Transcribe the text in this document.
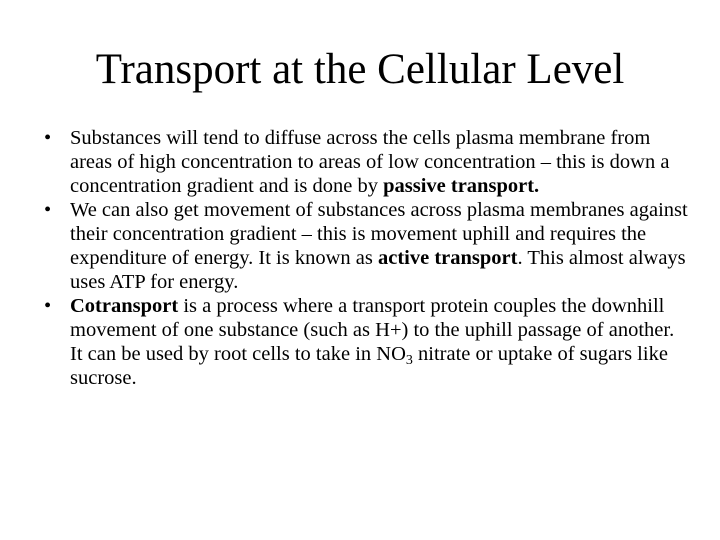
Transport at the Cellular Level
• Substances will tend to diffuse across the cells plasma membrane from areas of high concentration to areas of low concentration – this is down a concentration gradient and is done by passive transport.
• We can also get movement of substances across plasma membranes against their concentration gradient – this is movement uphill and requires the expenditure of energy. It is known as active transport. This almost always uses ATP for energy.
• Cotransport is a process where a transport protein couples the downhill movement of one substance (such as H+) to the uphill passage of another. It can be used by root cells to take in $NO_3$ nitrate or uptake of sugars like sucrose.
